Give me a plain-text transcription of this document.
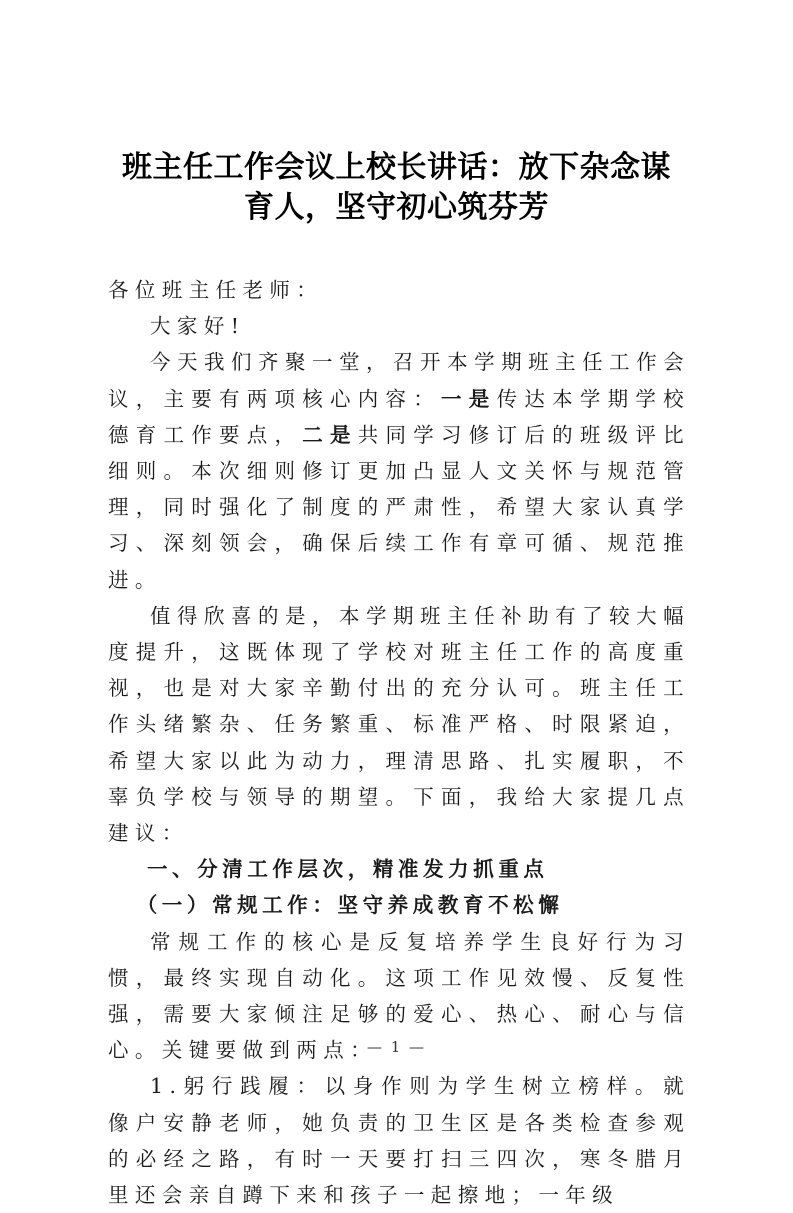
班主任工作会议上校长讲话：放下杂念谋
育人，坚守初心筑芬芳

各位班主任老师：

大家好!

今天我们齐聚一堂，召开本学期班主任工作会议，主要有两项核心内容：一是传达本学期学校德育工作要点，二是共同学习修订后的班级评比细则。本次细则修订更加凸显人文关怀与规范管理，同时强化了制度的严肃性，希望大家认真学习、深刻领会，确保后续工作有章可循、规范推进。

值得欣喜的是，本学期班主任补助有了较大幅度提升，这既体现了学校对班主任工作的高度重视，也是对大家辛勤付出的充分认可。班主任工作头绪繁杂、任务繁重、标准严格、时限紧迫，希望大家以此为动力，理清思路、扎实履职，不辜负学校与领导的期望。下面，我给大家提几点建议：

一、分清工作层次，精准发力抓重点

（一）常规工作：坚守养成教育不松懈

常规工作的核心是反复培养学生良好行为习惯，最终实现自动化。这项工作见效慢、反复性强，需要大家倾注足够的爱心、热心、耐心与信心。关键要做到两点：

1.躬行践履：以身作则为学生树立榜样。就像户安静老师，她负责的卫生区是各类检查参观的必经之路，有时一天要打扫三四次，寒冬腊月里还会亲自蹲下来和孩子一起擦地；一年级

— 1 —
